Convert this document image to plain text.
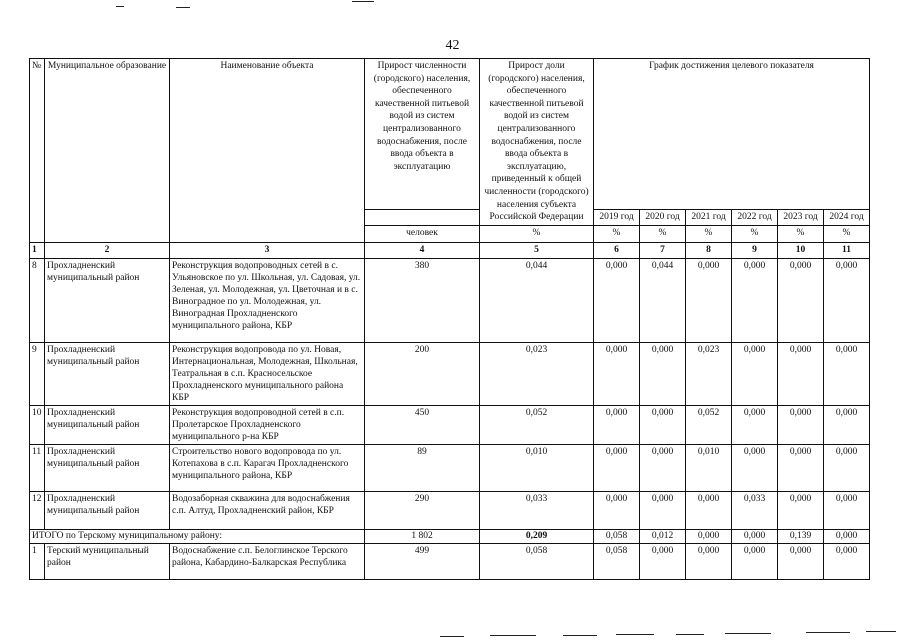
42
№	Муниципальное образование	Наименование объекта	Прирост численности (городского) населения, обеспеченного качественной питьевой водой из систем централизованного водоснабжения, после ввода объекта в эксплуатацию	Прирост доли (городского) населения, обеспеченного качественной питьевой водой из систем централизованного водоснабжения, после ввода объекта в эксплуатацию, приведенный к общей численности (городского) населения субъекта Российской Федерации	График достижения целевого показателя					
					2019 год	2020 год	2021 год	2022 год	2023 год	2024 год
			человек	%	%	%	%	%	%	%
1	2	3	4	5	6	7	8	9	10	11
8	Прохладненский муниципальный район	Реконструкция водопроводных сетей в с. Ульяновское по ул. Школьная, ул. Садовая, ул. Зеленая, ул. Молодежная, ул. Цветочная и в с. Виноградное по ул. Молодежная, ул. Виноградная Прохладненского муниципального района, КБР	380	0,044	0,000	0,044	0,000	0,000	0,000	0,000
9	Прохладненский муниципальный район	Реконструкция водопровода по ул. Новая, Интернациональная, Молодежная, Школьная, Театральная в с.п. Красносельское Прохладненского муниципального района КБР	200	0,023	0,000	0,000	0,023	0,000	0,000	0,000
10	Прохладненский муниципальный район	Реконструкция водопроводной сетей в с.п. Пролетарское Прохладненского муниципального р-на КБР	450	0,052	0,000	0,000	0,052	0,000	0,000	0,000
11	Прохладненский муниципальный район	Строительство нового водопровода по ул. Котепахова в с.п. Карагач Прохладненского муниципального района, КБР	89	0,010	0,000	0,000	0,010	0,000	0,000	0,000
12	Прохладненский муниципальный район	Водозаборная скважина для водоснабжения с.п. Алтуд, Прохладненский район, КБР	290	0,033	0,000	0,000	0,000	0,033	0,000	0,000
ИТОГО по Терскому муниципальному району:			1 802	0,209	0,058	0,012	0,000	0,000	0,139	0,000
1	Терский муниципальный район	Водоснабжение с.п. Белоглинское Терского района, Кабардино-Балкарская Республика	499	0,058	0,058	0,000	0,000	0,000	0,000	0,000
